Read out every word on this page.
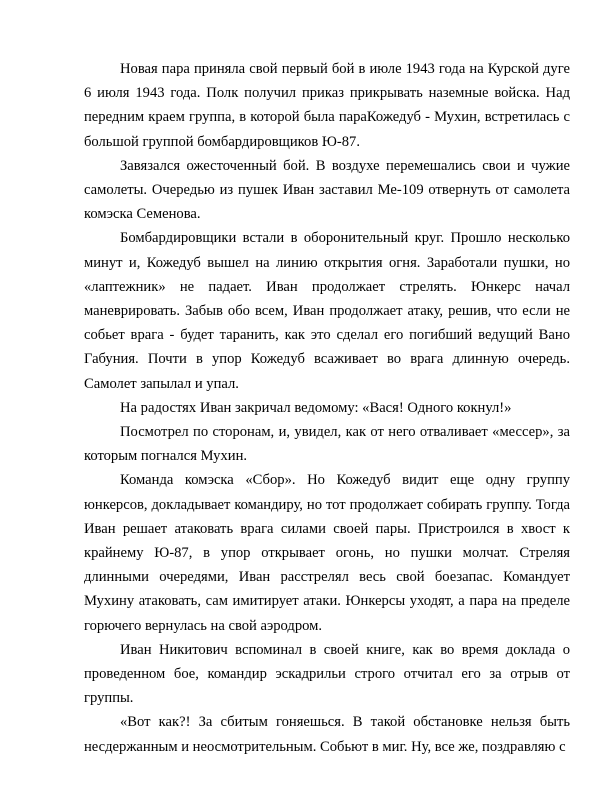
Новая пара приняла свой первый бой в июле 1943 года на Курской дуге 6 июля 1943 года. Полк получил приказ прикрывать наземные войска. Над передним краем группа, в которой была параКожедуб - Мухин, встретилась с большой группой бомбардировщиков Ю-87.

Завязался ожесточенный бой. В воздухе перемешались свои и чужие самолеты. Очередью из пушек Иван заставил Ме-109 отвернуть от самолета комэска Семенова.

Бомбардировщики встали в оборонительный круг. Прошло несколько минут и, Кожедуб вышел на линию открытия огня. Заработали пушки, но «лаптежник» не падает. Иван продолжает стрелять. Юнкерс начал маневрировать. Забыв обо всем, Иван продолжает атаку, решив, что если не собьет врага - будет таранить, как это сделал его погибший ведущий Вано Габуния. Почти в упор Кожедуб всаживает во врага длинную очередь. Самолет запылал и упал.

На радостях Иван закричал ведомому: «Вася! Одного кокнул!»

Посмотрел по сторонам, и, увидел, как от него отваливает «мессер», за которым погнался Мухин.

Команда комэска «Сбор». Но Кожедуб видит еще одну группу юнкерсов, докладывает командиру, но тот продолжает собирать группу. Тогда Иван решает атаковать врага силами своей пары. Пристроился в хвост к крайнему Ю-87, в упор открывает огонь, но пушки молчат. Стреляя длинными очередями, Иван расстрелял весь свой боезапас. Командует Мухину атаковать, сам имитирует атаки. Юнкерсы уходят, а пара на пределе горючего вернулась на свой аэродром.

Иван Никитович вспоминал в своей книге, как во время доклада о проведенном бое, командир эскадрильи строго отчитал его за отрыв от группы.

«Вот как?! За сбитым гоняешься. В такой обстановке нельзя быть несдержанным и неосмотрительным. Собьют в миг. Ну, все же, поздравляю с
